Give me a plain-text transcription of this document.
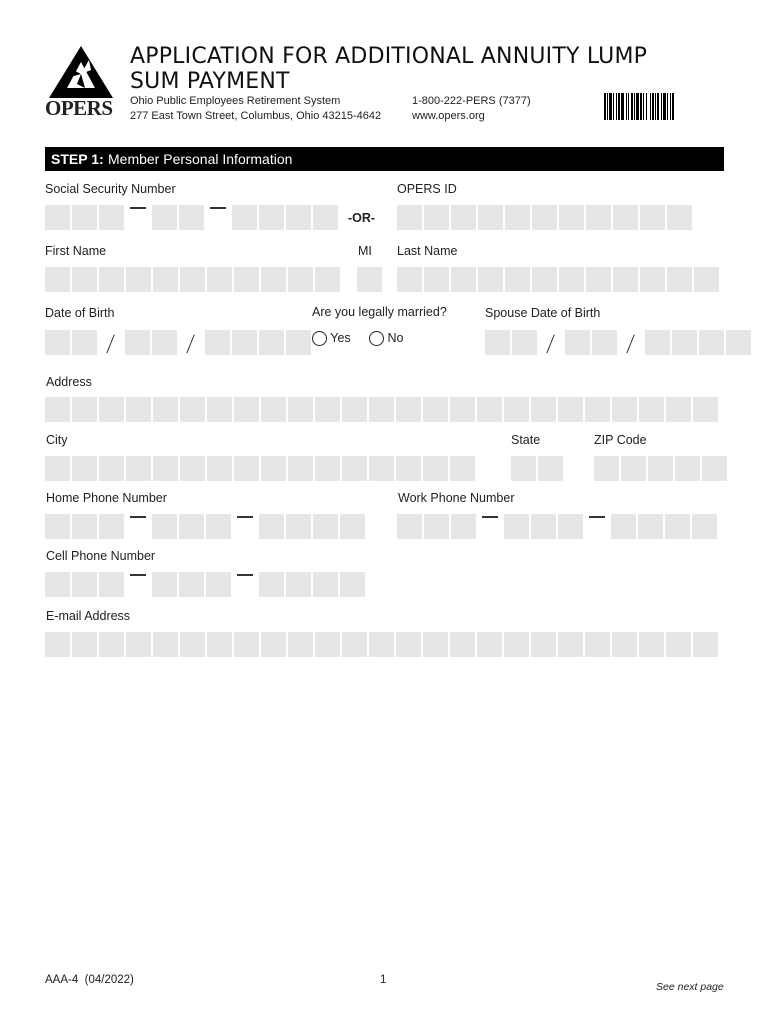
OPERS
APPLICATION FOR ADDITIONAL ANNUITY LUMP SUM PAYMENT
Ohio Public Employees Retirement System
277 East Town Street, Columbus, Ohio 43215-4642
1-800-222-PERS (7377)
www.opers.org
STEP 1: Member Personal Information
Social Security Number	OPERS ID
-OR-
First Name	MI Last Name
Date of Birth	Are you legally married?	Spouse Date of Birth
Yes	No
Address
City	State	ZIP Code
Home Phone Number	Work Phone Number
Cell Phone Number
E-mail Address
AAA-4  (04/2022)	1
See next page
